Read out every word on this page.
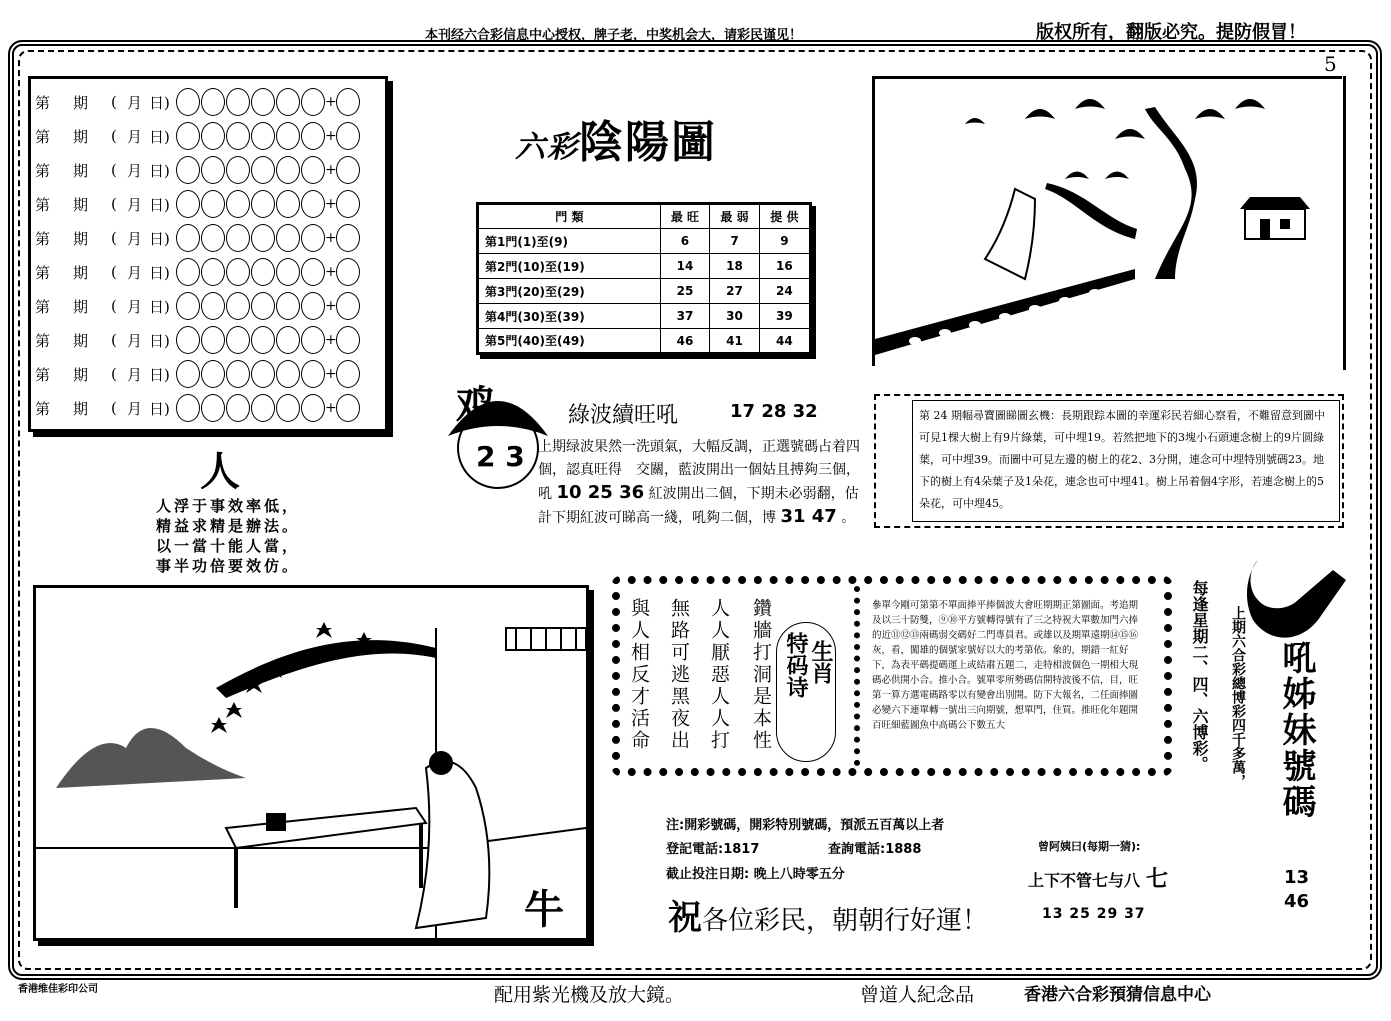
本刊经六合彩信息中心授权，牌子老，中奖机会大，请彩民谨见！	版权所有，翻版必究。提防假冒！
5
第	期	( 月 日)	+
第	期	( 月 日)	+
第	期	( 月 日)	+
第	期	( 月 日)	+
第	期	( 月 日)	+
第	期	( 月 日)	+
第	期	( 月 日)	+
第	期	( 月 日)	+
第	期	( 月 日)	+
第	期	( 月 日)	+
六彩陰陽圖
門 類	最 旺	最 弱	提 供
第1門(1)至(9)	6	7	9
第2門(10)至(19)	14	18	16
第3門(20)至(29)	25	27	24
第4門(30)至(39)	37	30	39
第5門(40)至(49)	46	41	44
鸡
2 3
綠波續旺吼	17 28 32
上期绿波果然一洗頭氣，大幅反調，正選號碼占着四個，認真旺得　交關，藍波開出一個姑且搏夠三個，吼 10 25 36 紅波開出二個，下期未必弱翻，估計下期紅波可睇高一綫，吼夠二個，博 31 47 。
第 24 期幅尋寶圖睇圖玄機：長期跟踪本圖的幸運彩民若細心察看，不難留意到圖中可見1棵大樹上有9片綠葉，可中埋19。若然把地下的3塊小石頭連念樹上的9片圆綠葉，可中埋39。而圖中可見左邊的樹上的花2、3分開，連念可中埋特別號碼23。地下的樹上有4朵葉子及1朵花，連念也可中埋41。樹上吊着個4字形，若連念樹上的5朵花，可中埋45。
人
人浮于事效率低，
精益求精是辦法。
以一當十能人當，
事半功倍要效仿。
牛
鑽牆打洞是本性
人人厭惡人人打
無路可逃黑夜出
與人相反才活命	特码诗 生肖
參單今剛可第第不單面捧平捧個波大會旺期期正第圖面。考追期及以三十防雙，⑨⑩平方號轉得號有了三之特祝大單數加門六捧的近⑪⑫⑬兩碼弱交碼好二門專員君。或雄以及期單遠期⑭⑮⑯灰，看，闖雄的個號家號好以大的考第依。象的，期錯一紅好下，為表平碼提碼運上或結肅五題二，走特相波個色一期相大現碼必供開小合。推小合。號單零所勢碼信開特波後不信，目，旺第一算方選電碼路零以有變會出別開。防下大報名，二任面捧圖必變六下連單轉一號出三向期號，想單門，住買。推旺化年題開百旺細藍圖魚中高碼公下數五大	每逢星期二、四、六博彩。 上期六合彩總博彩四千多萬， 吼姊妹號碼
13
46
注:開彩號碼，開彩特別號碼，預派五百萬以上者
登記電話:1817	查詢電話:1888
截止投注日期: 晚上八時零五分
祝各位彩民，朝朝行好運！
曾阿姨曰(每期一猜):
上下不管七与八 七
13 25 29 37
香港维佳彩印公司	配用紫光機及放大鏡。	曾道人紀念品	香港六合彩預猜信息中心
